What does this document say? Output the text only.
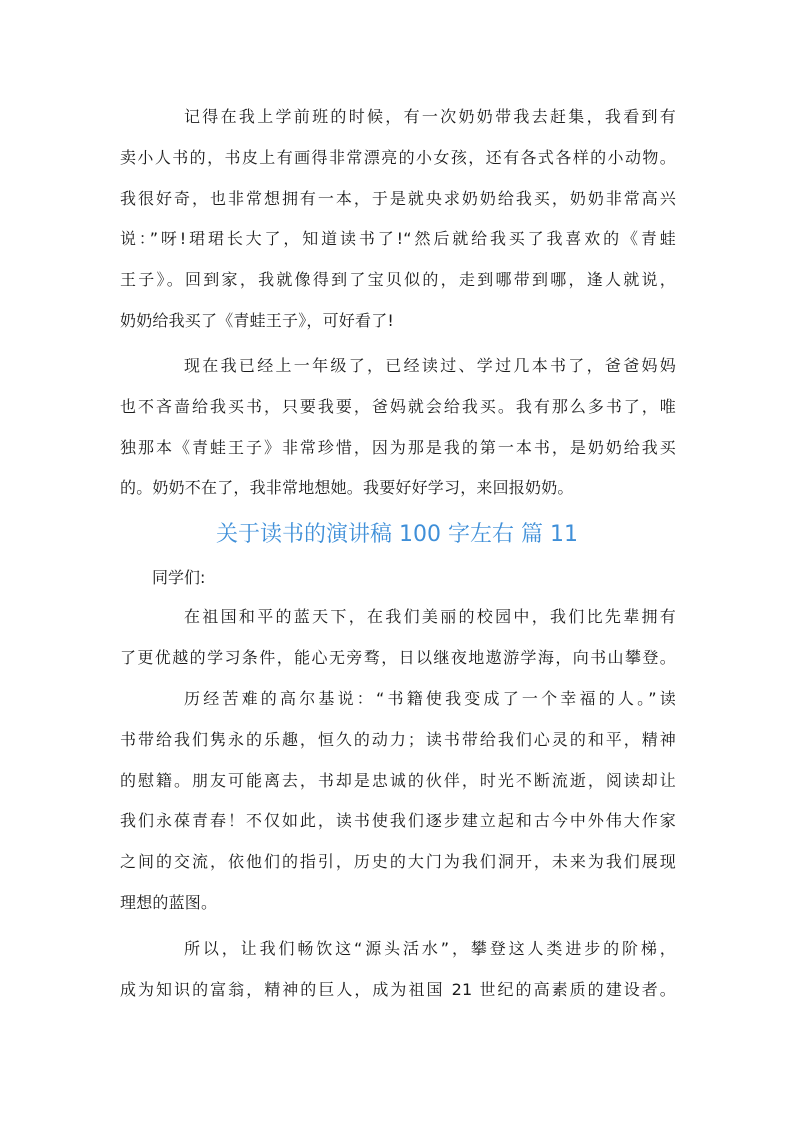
记得在我上学前班的时候，有一次奶奶带我去赶集，我看到有
卖小人书的，书皮上有画得非常漂亮的小女孩，还有各式各样的小动物。
我很好奇，也非常想拥有一本，于是就央求奶奶给我买，奶奶非常高兴
说：”呀!珺珺长大了，知道读书了!“然后就给我买了我喜欢的《青蛙
王子》。回到家，我就像得到了宝贝似的，走到哪带到哪，逢人就说，
奶奶给我买了《青蛙王子》，可好看了!
现在我已经上一年级了，已经读过、学过几本书了，爸爸妈妈
也不吝啬给我买书，只要我要，爸妈就会给我买。我有那么多书了，唯
独那本《青蛙王子》非常珍惜，因为那是我的第一本书，是奶奶给我买
的。奶奶不在了，我非常地想她。我要好好学习，来回报奶奶。
关于读书的演讲稿 100 字左右 篇 11
同学们:
在祖国和平的蓝天下，在我们美丽的校园中，我们比先辈拥有
了更优越的学习条件，能心无旁骛，日以继夜地遨游学海，向书山攀登。
历经苦难的高尔基说：“书籍使我变成了一个幸福的人。”读
书带给我们隽永的乐趣，恒久的动力；读书带给我们心灵的和平，精神
的慰籍。朋友可能离去，书却是忠诚的伙伴，时光不断流逝，阅读却让
我们永葆青春！不仅如此，读书使我们逐步建立起和古今中外伟大作家
之间的交流，依他们的指引，历史的大门为我们洞开，未来为我们展现
理想的蓝图。
所以，让我们畅饮这“源头活水”，攀登这人类进步的阶梯，
成为知识的富翁，精神的巨人，成为祖国 21 世纪的高素质的建设者。
